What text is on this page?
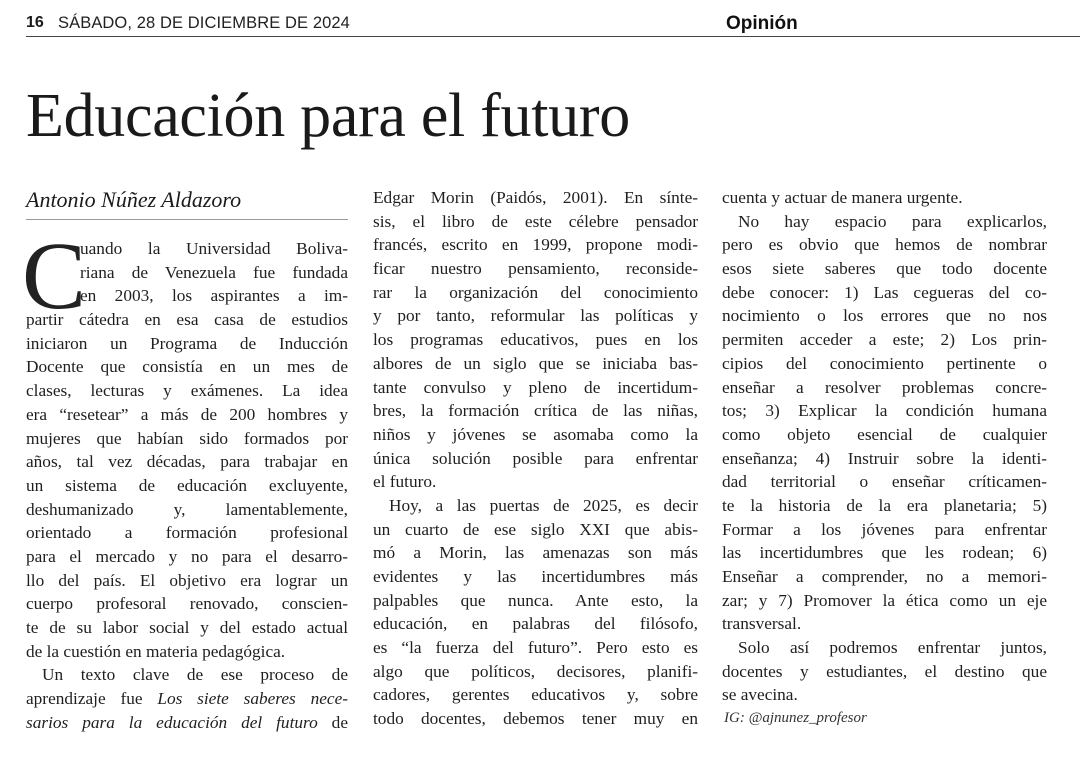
16 SÁBADO, 28 DE DICIEMBRE DE 2024	Opinión
Educación para el futuro
Antonio Núñez Aldazoro
C
uando la Universidad Boliva-
riana de Venezuela fue fundada
en 2003, los aspirantes a im-
partir cátedra en esa casa de estudios
iniciaron un Programa de Inducción
Docente que consistía en un mes de
clases, lecturas y exámenes. La idea
era “resetear” a más de 200 hombres y
mujeres que habían sido formados por
años, tal vez décadas, para trabajar en
un sistema de educación excluyente,
deshumanizado y, lamentablemente,
orientado a formación profesional
para el mercado y no para el desarro-
llo del país. El objetivo era lograr un
cuerpo profesoral renovado, conscien-
te de su labor social y del estado actual
de la cuestión en materia pedagógica.
Un texto clave de ese proceso de
aprendizaje fue Los siete saberes nece-
sarios para la educación del futuro de
Edgar Morin (Paidós, 2001). En sínte-
sis, el libro de este célebre pensador
francés, escrito en 1999, propone modi-
ficar nuestro pensamiento, reconside-
rar la organización del conocimiento
y por tanto, reformular las políticas y
los programas educativos, pues en los
albores de un siglo que se iniciaba bas-
tante convulso y pleno de incertidum-
bres, la formación crítica de las niñas,
niños y jóvenes se asomaba como la
única solución posible para enfrentar
el futuro.
Hoy, a las puertas de 2025, es decir
un cuarto de ese siglo XXI que abis-
mó a Morin, las amenazas son más
evidentes y las incertidumbres más
palpables que nunca. Ante esto, la
educación, en palabras del filósofo,
es “la fuerza del futuro”. Pero esto es
algo que políticos, decisores, planifi-
cadores, gerentes educativos y, sobre
todo docentes, debemos tener muy en
cuenta y actuar de manera urgente.
No hay espacio para explicarlos,
pero es obvio que hemos de nombrar
esos siete saberes que todo docente
debe conocer: 1) Las cegueras del co-
nocimiento o los errores que no nos
permiten acceder a este; 2) Los prin-
cipios del conocimiento pertinente o
enseñar a resolver problemas concre-
tos; 3) Explicar la condición humana
como objeto esencial de cualquier
enseñanza; 4) Instruir sobre la identi-
dad territorial o enseñar críticamen-
te la historia de la era planetaria; 5)
Formar a los jóvenes para enfrentar
las incertidumbres que les rodean; 6)
Enseñar a comprender, no a memori-
zar; y 7) Promover la ética como un eje
transversal.
Solo así podremos enfrentar juntos,
docentes y estudiantes, el destino que
se avecina.
IG: @ajnunez_profesor
